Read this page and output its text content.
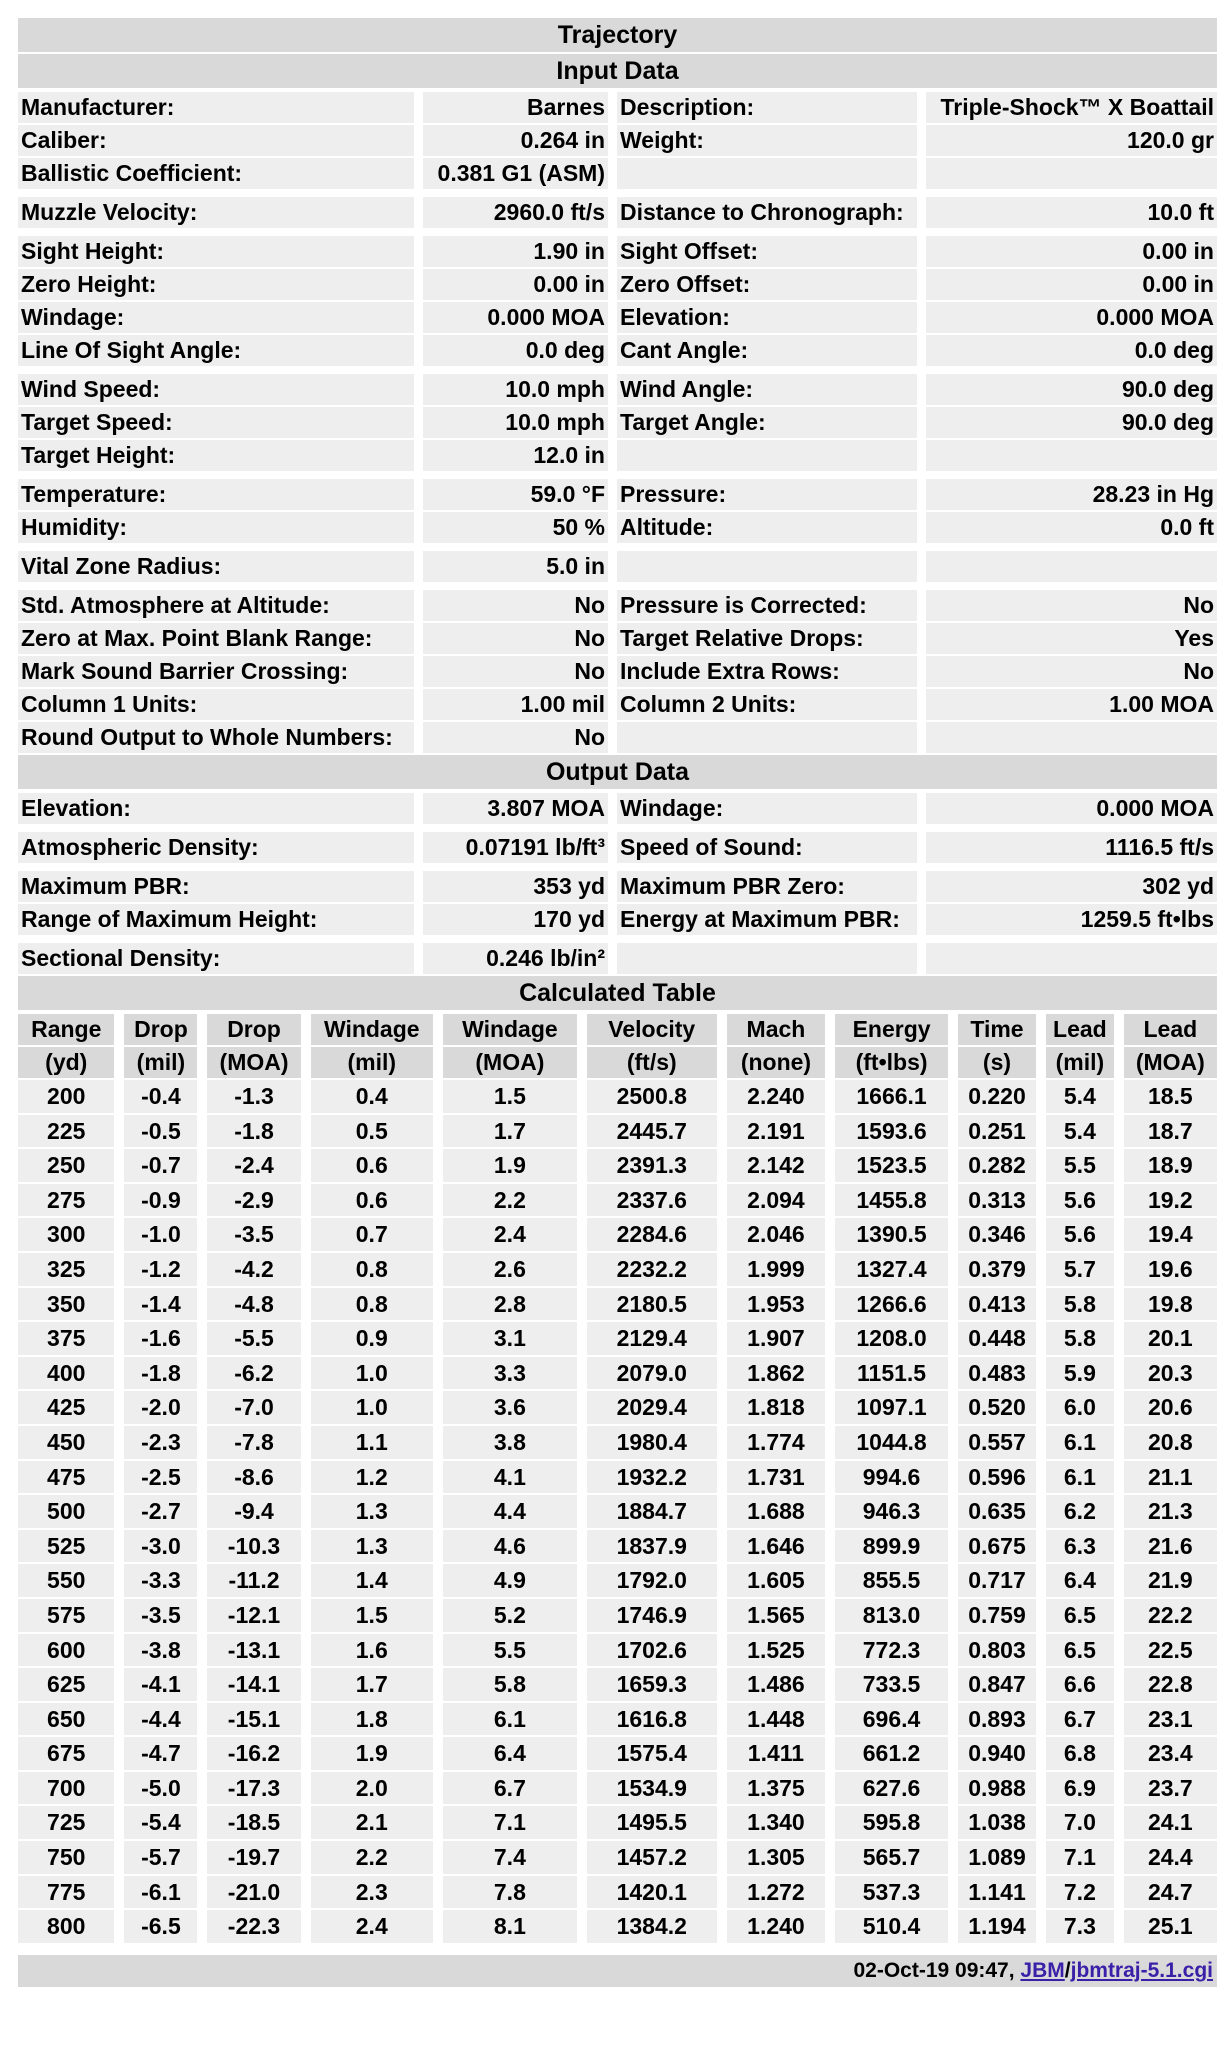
Trajectory
Input Data
Manufacturer:		Barnes		Description:		Triple-Shock™ X Boattail
Caliber:		0.264 in		Weight:		120.0 gr
Ballistic Coefficient:		0.381 G1 (ASM)				

Muzzle Velocity:		2960.0 ft/s		Distance to Chronograph:		10.0 ft

Sight Height:		1.90 in		Sight Offset:		0.00 in
Zero Height:		0.00 in		Zero Offset:		0.00 in
Windage:		0.000 MOA		Elevation:		0.000 MOA
Line Of Sight Angle:		0.0 deg		Cant Angle:		0.0 deg

Wind Speed:		10.0 mph		Wind Angle:		90.0 deg
Target Speed:		10.0 mph		Target Angle:		90.0 deg
Target Height:		12.0 in				

Temperature:		59.0 °F		Pressure:		28.23 in Hg
Humidity:		50 %		Altitude:		0.0 ft

Vital Zone Radius:		5.0 in				

Std. Atmosphere at Altitude:		No		Pressure is Corrected:		No
Zero at Max. Point Blank Range:		No		Target Relative Drops:		Yes
Mark Sound Barrier Crossing:		No		Include Extra Rows:		No
Column 1 Units:		1.00 mil		Column 2 Units:		1.00 MOA
Round Output to Whole Numbers:		No				
Output Data
Elevation:		3.807 MOA		Windage:		0.000 MOA

Atmospheric Density:		0.07191 lb/ft³		Speed of Sound:		1116.5 ft/s

Maximum PBR:		353 yd		Maximum PBR Zero:		302 yd
Range of Maximum Height:		170 yd		Energy at Maximum PBR:		1259.5 ft•lbs

Sectional Density:		0.246 lb/in²				
Calculated Table
Range	Drop	Drop	Windage	Windage	Velocity	Mach	Energy	Time	Lead	Lead
(yd)	(mil)	(MOA)	(mil)	(MOA)	(ft/s)	(none)	(ft•lbs)	(s)	(mil)	(MOA)
200	-0.4	-1.3	0.4	1.5	2500.8	2.240	1666.1	0.220	5.4	18.5
225	-0.5	-1.8	0.5	1.7	2445.7	2.191	1593.6	0.251	5.4	18.7
250	-0.7	-2.4	0.6	1.9	2391.3	2.142	1523.5	0.282	5.5	18.9
275	-0.9	-2.9	0.6	2.2	2337.6	2.094	1455.8	0.313	5.6	19.2
300	-1.0	-3.5	0.7	2.4	2284.6	2.046	1390.5	0.346	5.6	19.4
325	-1.2	-4.2	0.8	2.6	2232.2	1.999	1327.4	0.379	5.7	19.6
350	-1.4	-4.8	0.8	2.8	2180.5	1.953	1266.6	0.413	5.8	19.8
375	-1.6	-5.5	0.9	3.1	2129.4	1.907	1208.0	0.448	5.8	20.1
400	-1.8	-6.2	1.0	3.3	2079.0	1.862	1151.5	0.483	5.9	20.3
425	-2.0	-7.0	1.0	3.6	2029.4	1.818	1097.1	0.520	6.0	20.6
450	-2.3	-7.8	1.1	3.8	1980.4	1.774	1044.8	0.557	6.1	20.8
475	-2.5	-8.6	1.2	4.1	1932.2	1.731	994.6	0.596	6.1	21.1
500	-2.7	-9.4	1.3	4.4	1884.7	1.688	946.3	0.635	6.2	21.3
525	-3.0	-10.3	1.3	4.6	1837.9	1.646	899.9	0.675	6.3	21.6
550	-3.3	-11.2	1.4	4.9	1792.0	1.605	855.5	0.717	6.4	21.9
575	-3.5	-12.1	1.5	5.2	1746.9	1.565	813.0	0.759	6.5	22.2
600	-3.8	-13.1	1.6	5.5	1702.6	1.525	772.3	0.803	6.5	22.5
625	-4.1	-14.1	1.7	5.8	1659.3	1.486	733.5	0.847	6.6	22.8
650	-4.4	-15.1	1.8	6.1	1616.8	1.448	696.4	0.893	6.7	23.1
675	-4.7	-16.2	1.9	6.4	1575.4	1.411	661.2	0.940	6.8	23.4
700	-5.0	-17.3	2.0	6.7	1534.9	1.375	627.6	0.988	6.9	23.7
725	-5.4	-18.5	2.1	7.1	1495.5	1.340	595.8	1.038	7.0	24.1
750	-5.7	-19.7	2.2	7.4	1457.2	1.305	565.7	1.089	7.1	24.4
775	-6.1	-21.0	2.3	7.8	1420.1	1.272	537.3	1.141	7.2	24.7
800	-6.5	-22.3	2.4	8.1	1384.2	1.240	510.4	1.194	7.3	25.1
02-Oct-19 09:47, JBM/jbmtraj-5.1.cgi
